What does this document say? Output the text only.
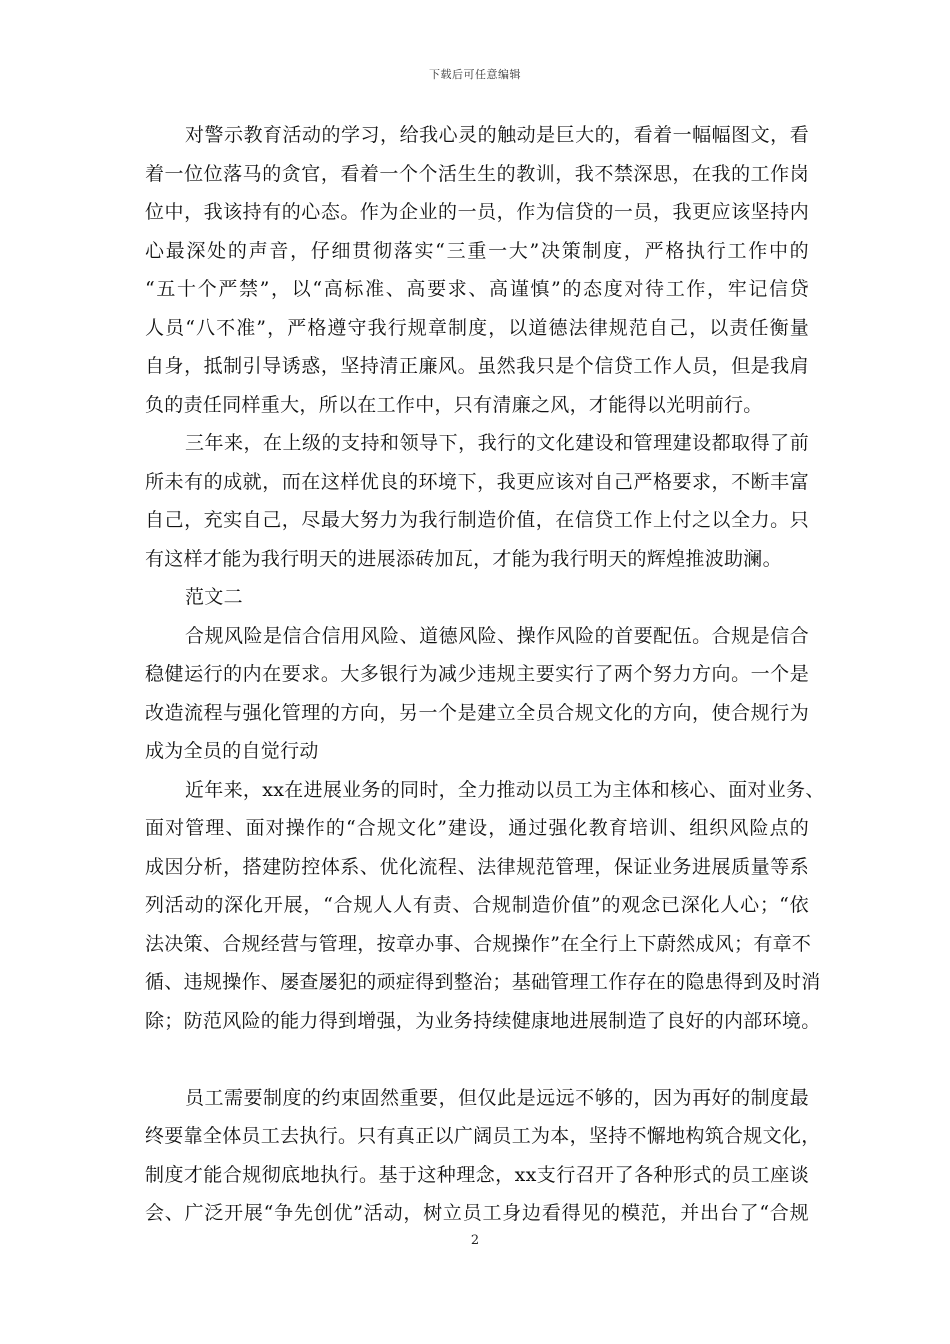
下载后可任意编辑
对警示教育活动的学习，给我心灵的触动是巨大的，看着一幅幅图文，看
着一位位落马的贪官，看着一个个活生生的教训，我不禁深思，在我的工作岗
位中，我该持有的心态。作为企业的一员，作为信贷的一员，我更应该坚持内
心最深处的声音，仔细贯彻落实“三重一大”决策制度，严格执行工作中的
“五十个严禁”，以“高标准、高要求、高谨慎”的态度对待工作，牢记信贷
人员“八不准”，严格遵守我行规章制度，以道德法律规范自己，以责任衡量
自身，抵制引导诱惑，坚持清正廉风。虽然我只是个信贷工作人员，但是我肩
负的责任同样重大，所以在工作中，只有清廉之风，才能得以光明前行。
三年来，在上级的支持和领导下，我行的文化建设和管理建设都取得了前
所未有的成就，而在这样优良的环境下，我更应该对自己严格要求，不断丰富
自己，充实自己，尽最大努力为我行制造价值，在信贷工作上付之以全力。只
有这样才能为我行明天的进展添砖加瓦，才能为我行明天的辉煌推波助澜。
范文二
合规风险是信合信用风险、道德风险、操作风险的首要配伍。合规是信合
稳健运行的内在要求。大多银行为减少违规主要实行了两个努力方向。一个是
改造流程与强化管理的方向，另一个是建立全员合规文化的方向，使合规行为
成为全员的自觉行动
近年来，xx在进展业务的同时，全力推动以员工为主体和核心、面对业务、
面对管理、面对操作的“合规文化”建设，通过强化教育培训、组织风险点的
成因分析，搭建防控体系、优化流程、法律规范管理，保证业务进展质量等系
列活动的深化开展，“合规人人有责、合规制造价值”的观念已深化人心；“依
法决策、合规经营与管理，按章办事、合规操作”在全行上下蔚然成风；有章不
循、违规操作、屡查屡犯的顽症得到整治；基础管理工作存在的隐患得到及时消
除；防范风险的能力得到增强，为业务持续健康地进展制造了良好的内部环境。
员工需要制度的约束固然重要，但仅此是远远不够的，因为再好的制度最
终要靠全体员工去执行。只有真正以广阔员工为本，坚持不懈地构筑合规文化，
制度才能合规彻底地执行。基于这种理念，xx支行召开了各种形式的员工座谈
会、广泛开展“争先创优”活动，树立员工身边看得见的模范，并出台了“合规
2
